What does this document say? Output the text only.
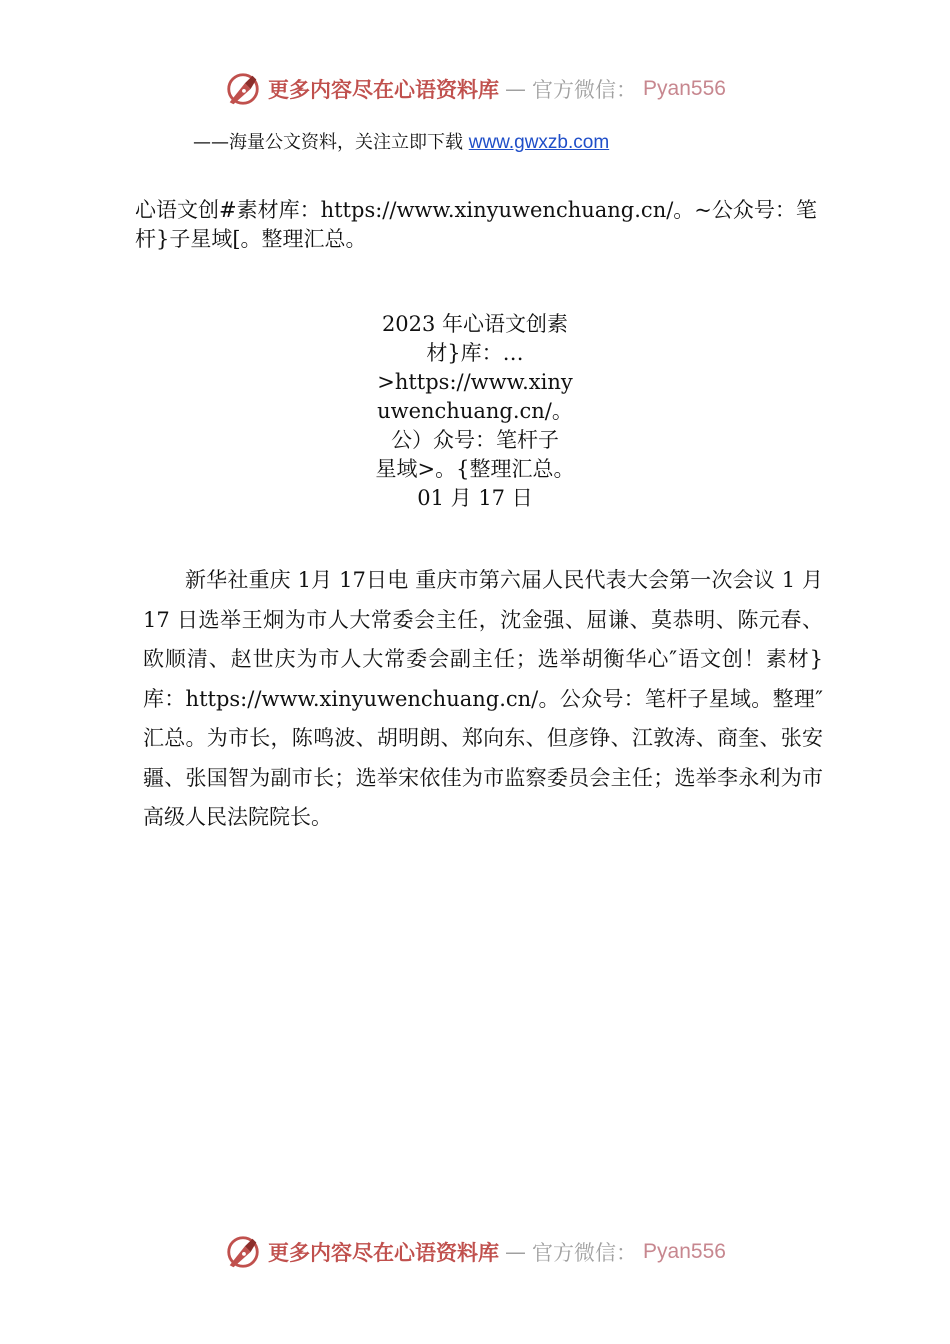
更多内容尽在心语资料库 — 官方微信： Pyan556
——海量公文资料，关注立即下载 www.gwxzb.com

心语文创#素材库：https://www.xinyuwenchuang.cn/。~公众号：笔杆}子星域[。整理汇总。

2023 年心语文创素
材}库：…
>https://www.xiny
uwenchuang.cn/。
公）众号：笔杆子
星域>。{整理汇总。
01 月 17 日

新华社重庆 1月 17日电 重庆市第六届人民代表大会第一次会议 1 月 17 日选举王炯为市人大常委会主任，沈金强、屈谦、莫恭明、陈元春、欧顺清、赵世庆为市人大常委会副主任；选举胡衡华心″语文创！素材}库：https://www.xinyuwenchuang.cn/。公众号：笔杆子星域。整理″汇总。为市长，陈鸣波、胡明朗、郑向东、但彦铮、江敦涛、商奎、张安疆、张国智为副市长；选举宋依佳为市监察委员会主任；选举李永利为市高级人民法院院长。

更多内容尽在心语资料库 — 官方微信： Pyan556
